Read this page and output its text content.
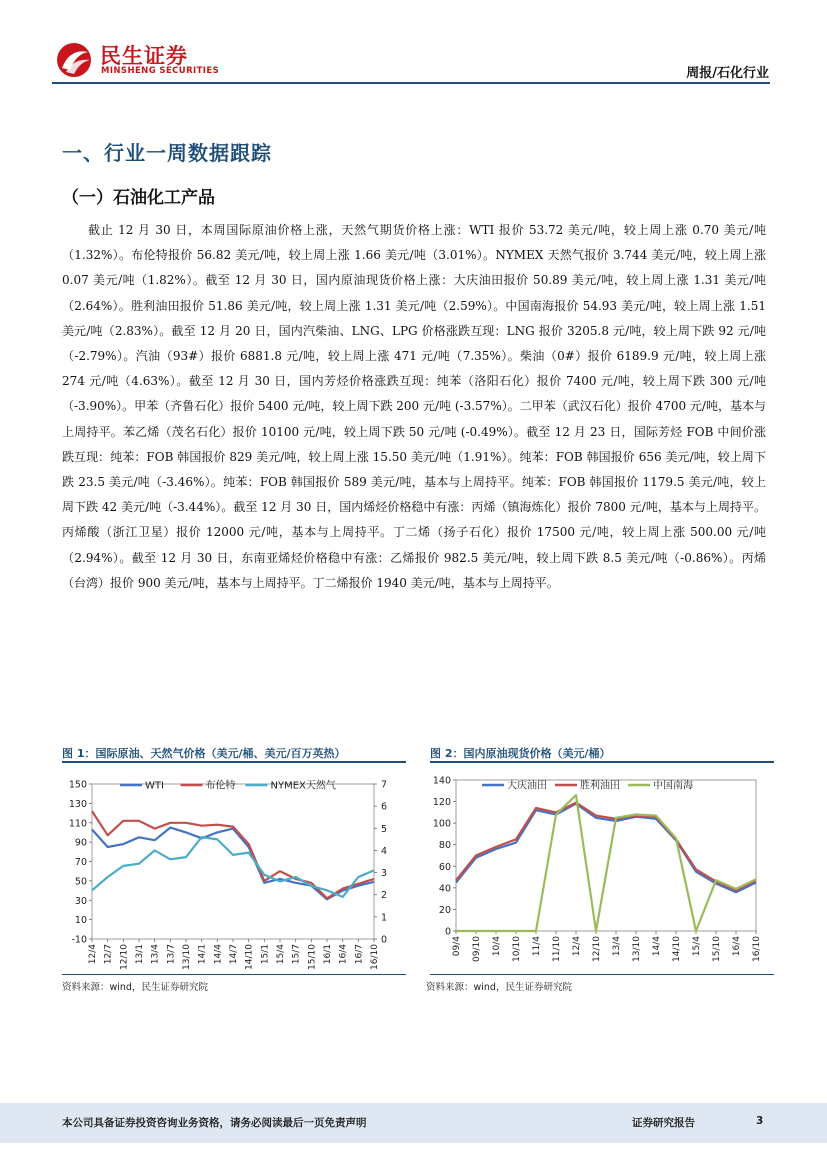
民生证券
MINSHENG SECURITIES	周报/石化行业
一、行业一周数据跟踪
（一）石油化工产品

截止 12 月 30 日，本周国际原油价格上涨，天然气期货价格上涨：WTI 报价 53.72 美元/吨，较上周上涨 0.70 美元/吨（1.32%）。布伦特报价 56.82 美元/吨，较上周上涨 1.66 美元/吨（3.01%）。NYMEX 天然气报价 3.744 美元/吨，较上周上涨 0.07 美元/吨（1.82%）。截至 12 月 30 日，国内原油现货价格上涨：大庆油田报价 50.89 美元/吨，较上周上涨 1.31 美元/吨（2.64%）。胜利油田报价 51.86 美元/吨，较上周上涨 1.31 美元/吨（2.59%）。中国南海报价 54.93 美元/吨，较上周上涨 1.51 美元/吨（2.83%）。截至 12 月 20 日，国内汽柴油、LNG、LPG 价格涨跌互现：LNG 报价 3205.8 元/吨，较上周下跌 92 元/吨（-2.79%）。汽油（93#）报价 6881.8 元/吨，较上周上涨 471 元/吨（7.35%）。柴油（0#）报价 6189.9 元/吨，较上周上涨 274 元/吨（4.63%）。截至 12 月 30 日，国内芳烃价格涨跌互现：纯苯（洛阳石化）报价 7400 元/吨，较上周下跌 300 元/吨（-3.90%）。甲苯（齐鲁石化）报价 5400 元/吨，较上周下跌 200 元/吨 (-3.57%）。二甲苯（武汉石化）报价 4700 元/吨，基本与上周持平。苯乙烯（茂名石化）报价 10100 元/吨，较上周下跌 50 元/吨 (-0.49%）。截至 12 月 23 日，国际芳烃 FOB 中间价涨跌互现：纯苯：FOB 韩国报价 829 美元/吨，较上周上涨 15.50 美元/吨（1.91%）。纯苯：FOB 韩国报价 656 美元/吨，较上周下跌 23.5 美元/吨（-3.46%）。纯苯：FOB 韩国报价 589 美元/吨，基本与上周持平。纯苯：FOB 韩国报价 1179.5 美元/吨，较上周下跌 42 美元/吨（-3.44%）。截至 12 月 30 日，国内烯烃价格稳中有涨：丙烯（镇海炼化）报价 7800 元/吨，基本与上周持平。丙烯酸（浙江卫星）报价 12000 元/吨，基本与上周持平。丁二烯（扬子石化）报价 17500 元/吨，较上周上涨 500.00 元/吨（2.94%）。截至 12 月 30 日，东南亚烯烃价格稳中有涨：乙烯报价 982.5 美元/吨，较上周下跌 8.5 美元/吨（-0.86%）。丙烯（台湾）报价 900 美元/吨，基本与上周持平。丁二烯报价 1940 美元/吨，基本与上周持平。

图 1：国际原油、天然气价格（美元/桶、美元/百万英热）	图 2：国内原油现货价格（美元/桶）
-10
10
30
50
70
90
110
130
150
0
1
2
3
4
5
6
7
12/4 12/7 12/10 13/1 13/4 13/7 13/10 14/1 14/4 14/7 14/10 15/1 15/4 15/7 15/10 16/1 16/4 16/7 16/10
WTI	布伦特	NYMEX天然气
0
20
40
60
80
100
120
140
09/4 09/10 10/4 10/10 11/4 11/10 12/4 12/10 13/4 13/10 14/4 14/10 15/4 15/10 16/4 16/10
大庆油田	胜利油田	中国南海
资料来源：wind，民生证券研究院	资料来源：wind，民生证券研究院
本公司具备证券投资咨询业务资格，请务必阅读最后一页免责声明	证券研究报告	3
